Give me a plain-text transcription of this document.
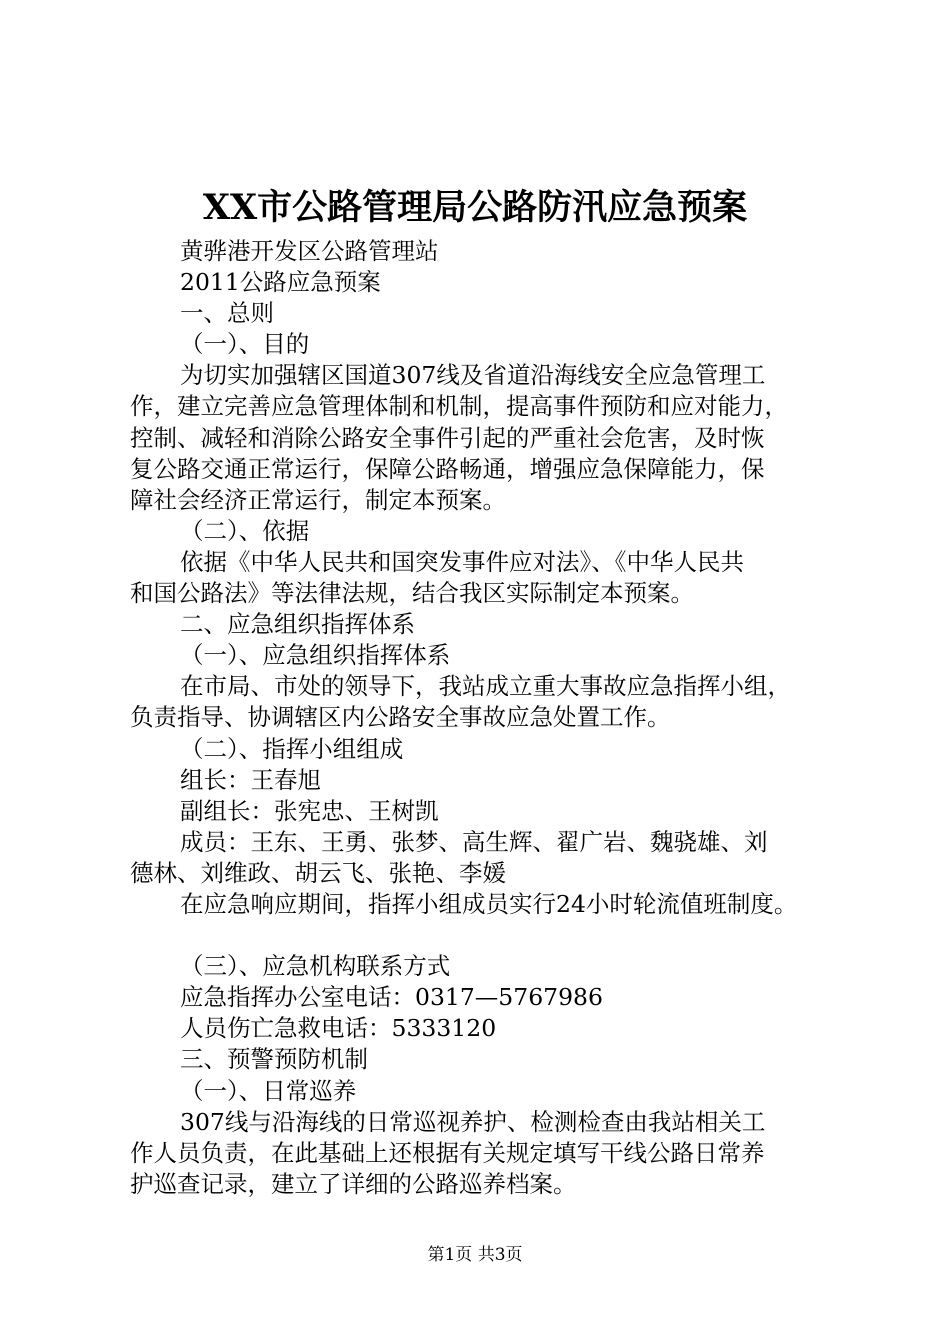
XX市公路管理局公路防汛应急预案
黄骅港开发区公路管理站
2011公路应急预案
一、总则
（一）、目的
为切实加强辖区国道307线及省道沿海线安全应急管理工
作，建立完善应急管理体制和机制，提高事件预防和应对能力，
控制、减轻和消除公路安全事件引起的严重社会危害，及时恢
复公路交通正常运行，保障公路畅通，增强应急保障能力，保
障社会经济正常运行，制定本预案。
（二）、依据
依据《中华人民共和国突发事件应对法》、《中华人民共
和国公路法》等法律法规，结合我区实际制定本预案。
二、应急组织指挥体系
（一）、应急组织指挥体系
在市局、市处的领导下，我站成立重大事故应急指挥小组，
负责指导、协调辖区内公路安全事故应急处置工作。
（二）、指挥小组组成
组长：王春旭
副组长：张宪忠、王树凯
成员：王东、王勇、张梦、高生辉、翟广岩、魏骁雄、刘
德林、刘维政、胡云飞、张艳、李媛
在应急响应期间，指挥小组成员实行24小时轮流值班制度。
（三）、应急机构联系方式
应急指挥办公室电话：0317—5767986
人员伤亡急救电话：5333120
三、预警预防机制
（一）、日常巡养
307线与沿海线的日常巡视养护、检测检查由我站相关工
作人员负责，在此基础上还根据有关规定填写干线公路日常养
护巡查记录，建立了详细的公路巡养档案。
第1页 共3页
